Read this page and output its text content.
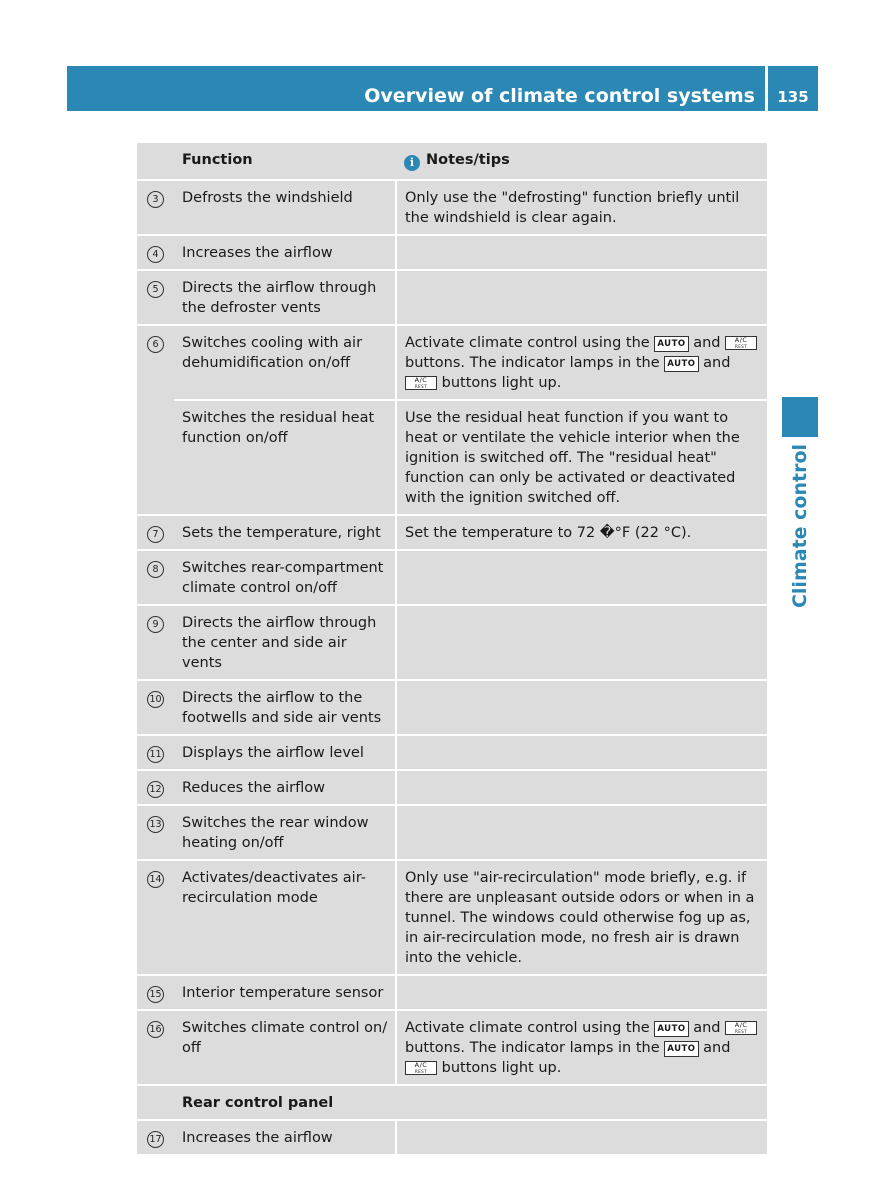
Overview of climate control systems 135
Climate control
	Function	i Notes/tips
3	Defrosts the windshield	Only use the "defrosting" function briefly until the windshield is clear again.
4	Increases the airflow	
5	Directs the airflow through the defroster vents	
6	Switches cooling with air dehumidification on/off	Activate climate control using the AUTO and A/C
REST
buttons. The indicator lamps in the AUTO and A/C
REST buttons light up.
	Switches the residual heat function on/off	Use the residual heat function if you want to heat or ventilate the vehicle interior when the ignition is switched off. The "residual heat" function can only be activated or deactivated with the ignition switched off.
7	Sets the temperature, right	Set the temperature to 72 �°F (22 °C).
8	Switches rear-compartment climate control on/off	
9	Directs the airflow through the center and side air vents	
10	Directs the airflow to the footwells and side air vents	
11	Displays the airflow level	
12	Reduces the airflow	
13	Switches the rear window heating on/off	
14	Activates/deactivates air-recirculation mode	Only use "air-recirculation" mode briefly, e.g. if there are unpleasant outside odors or when in a tunnel. The windows could otherwise fog up as, in air-recirculation mode, no fresh air is drawn into the vehicle.
15	Interior temperature sensor	
16	Switches climate control on/ off	Activate climate control using the AUTO and A/C
REST
buttons. The indicator lamps in the AUTO and A/C
REST buttons light up.
	Rear control panel	
17	Increases the airflow	
